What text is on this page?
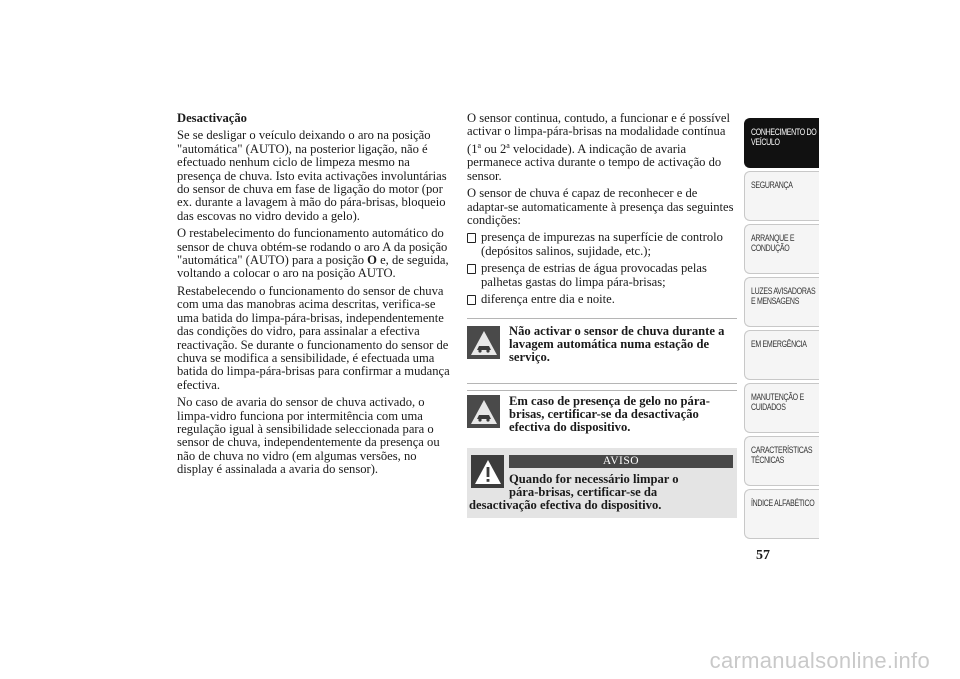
Desactivação

Se se desligar o veículo deixando o aro na posição "automática" (AUTO), na posterior ligação, não é efectuado nenhum ciclo de limpeza mesmo na presença de chuva. Isto evita activações involuntárias do sensor de chuva em fase de ligação do motor (por ex. durante a lavagem à mão do pára-brisas, bloqueio das escovas no vidro devido a gelo).

O restabelecimento do funcionamento automático do sensor de chuva obtém-se rodando o aro A da posição "automática" (AUTO) para a posição O e, de seguida, voltando a colocar o aro na posição AUTO.

Restabelecendo o funcionamento do sensor de chuva com uma das manobras acima descritas, verifica-se uma batida do limpa-pára-brisas, independentemente das condições do vidro, para assinalar a efectiva reactivação. Se durante o funcionamento do sensor de chuva se modifica a sensibilidade, é efectuada uma batida do limpa-pára-brisas para confirmar a mudança efectiva.

No caso de avaria do sensor de chuva activado, o limpa-vidro funciona por intermitência com uma regulação igual à sensibilidade seleccionada para o sensor de chuva, independentemente da presença ou não de chuva no vidro (em algumas versões, no display é assinalada a avaria do sensor).

O sensor continua, contudo, a funcionar e é possível activar o limpa-pára-brisas na modalidade contínua (1$^a$ ou 2$^a$ velocidade). A indicação de avaria permanece activa durante o tempo de activação do sensor.

O sensor de chuva é capaz de reconhecer e de adaptar-se automaticamente à presença das seguintes condições:

presença de impurezas na superfície de controlo (depósitos salinos, sujidade, etc.);
presença de estrias de água provocadas pelas palhetas gastas do limpa pára-brisas;
diferença entre dia e noite.
Não activar o sensor de chuva durante a lavagem automática numa estação de serviço.
Em caso de presença de gelo no pára-brisas, certificar-se da desactivação efectiva do dispositivo.
AVISO
Quando for necessário limpar o
pára-brisas, certificar-se da
desactivação efectiva do dispositivo.
CONHECIMENTO DO VEÍCULO
SEGURANÇA
ARRANQUE E CONDUÇÃO
LUZES AVISADORAS E MENSAGENS
EM EMERGÊNCIA
MANUTENÇÃO E CUIDADOS
CARACTERÍSTICAS TÉCNICAS
ÍNDICE ALFABÉTICO
57
carmanualsonline.info
